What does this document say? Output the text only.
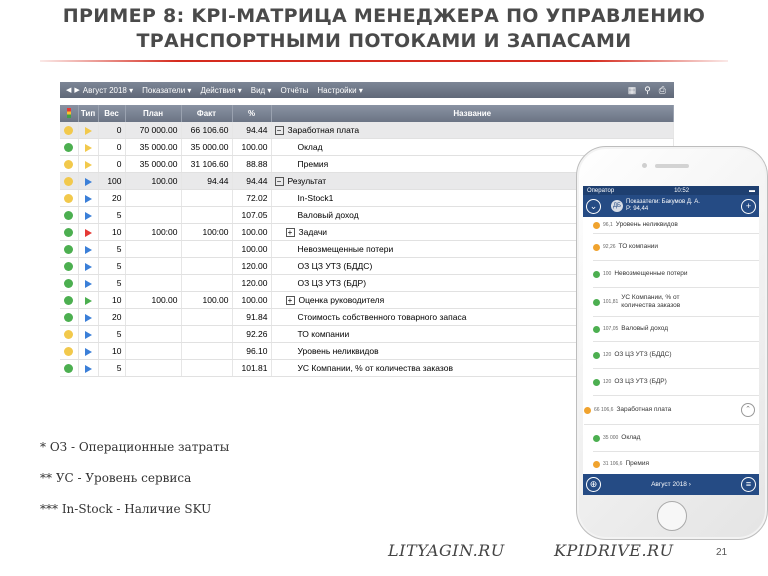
ПРИМЕР 8: KPI-МАТРИЦА МЕНЕДЖЕРА ПО УПРАВЛЕНИЮ
ТРАНСПОРТНЫМИ ПОТОКАМИ И ЗАПАСАМИ
◀ ▶ Август 2018 ▾ Показатели ▾ Действия ▾ Вид ▾ Отчёты Настройки ▾	▦ ⚲ ⎙
	Тип	Вес	План	Факт	%	Название
		0	70 000.00	66 106.60	94.44	− Заработная плата
		0	35 000.00	35 000.00	100.00	Оклад
		0	35 000.00	31 106.60	88.88	Премия
		100	100.00	94.44	94.44	− Результат
		20			72.02	In-Stock1
		5			107.05	Валовый доход
		10	100:00	100:00	100.00	+ Задачи
		5			100.00	Невозмещенные потери
		5			120.00	ОЗ ЦЗ УТЗ (БДДС)
		5			120.00	ОЗ ЦЗ УТЗ (БДР)
		10	100.00	100.00	100.00	+ Оценка руководителя
		20			91.84	Стоимость собственного товарного запаса
		5			92.26	ТО компании
		10			96.10	Уровень неликвидов
		5			101.81	УС Компании, % от количества заказов
* ОЗ - Операционные затраты
** УС - Уровень сервиса
*** In-Stock - Наличие SKU
LITYAGIN.RU	KPIDRIVE.RU	21
Оператор	10:52	▬
⌄	ДБ
Показатели: Бакумов Д. А.
Р: 94,44	+
96,1 Уровень неликвидов
92,26 ТО компании
100 Невозмещенные потери
101,81
УС Компании, % от количества заказов
107,05 Валовый доход
120 ОЗ ЦЗ УТЗ (БДДС)
120 ОЗ ЦЗ УТЗ (БДР)
66 106,6 Заработная плата	⌃
35 000 Оклад
31 106,6 Премия
⊕	Август 2018 ›	≡
